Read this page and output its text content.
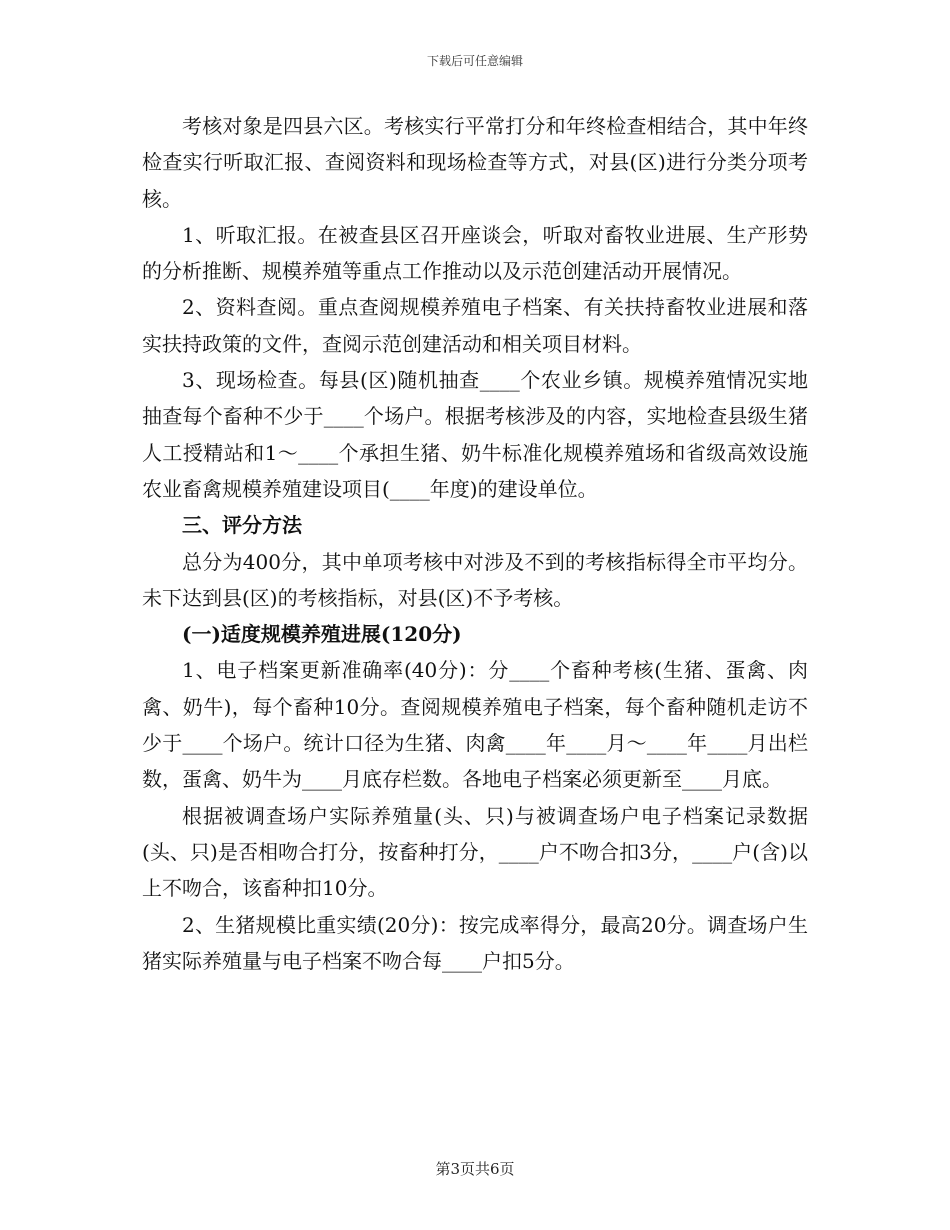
下载后可任意编辑

考核对象是四县六区。考核实行平常打分和年终检查相结合，其中年终检查实行听取汇报、查阅资料和现场检查等方式，对县(区)进行分类分项考核。

1、听取汇报。在被查县区召开座谈会，听取对畜牧业进展、生产形势的分析推断、规模养殖等重点工作推动以及示范创建活动开展情况。

2、资料查阅。重点查阅规模养殖电子档案、有关扶持畜牧业进展和落实扶持政策的文件，查阅示范创建活动和相关项目材料。

3、现场检查。每县(区)随机抽查____个农业乡镇。规模养殖情况实地抽查每个畜种不少于____个场户。根据考核涉及的内容，实地检查县级生猪人工授精站和1～____个承担生猪、奶牛标准化规模养殖场和省级高效设施农业畜禽规模养殖建设项目(____年度)的建设单位。

三、评分方法

总分为400分，其中单项考核中对涉及不到的考核指标得全市平均分。未下达到县(区)的考核指标，对县(区)不予考核。

(一)适度规模养殖进展(120分)

1、电子档案更新准确率(40分)：分____个畜种考核(生猪、蛋禽、肉禽、奶牛)，每个畜种10分。查阅规模养殖电子档案，每个畜种随机走访不少于____个场户。统计口径为生猪、肉禽____年____月～____年____月出栏数，蛋禽、奶牛为____月底存栏数。各地电子档案必须更新至____月底。

根据被调查场户实际养殖量(头、只)与被调查场户电子档案记录数据(头、只)是否相吻合打分，按畜种打分，____户不吻合扣3分，____户(含)以上不吻合，该畜种扣10分。

2、生猪规模比重实绩(20分)：按完成率得分，最高20分。调查场户生猪实际养殖量与电子档案不吻合每____户扣5分。

第3页共6页
